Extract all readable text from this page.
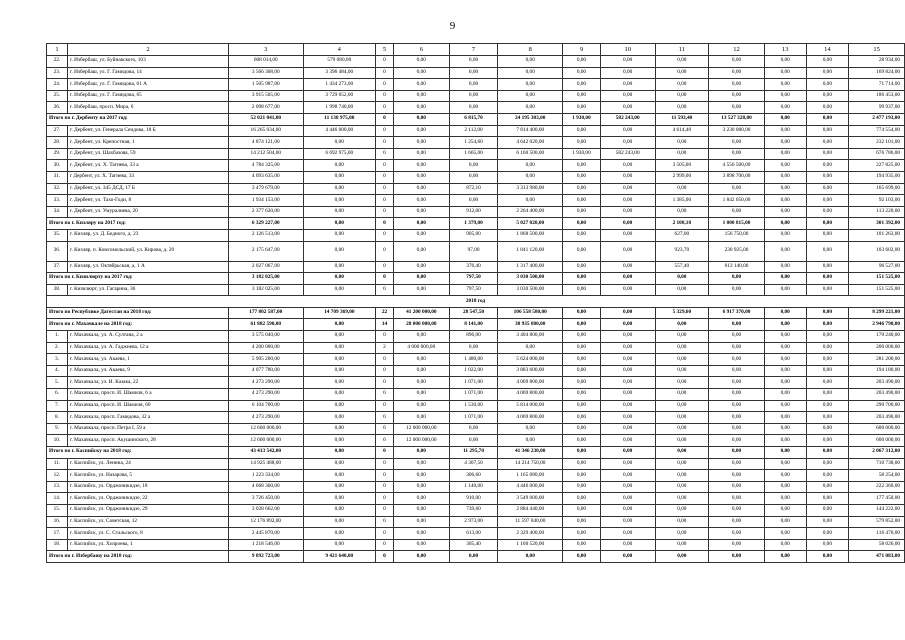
9
1	2	3	4	5	6	7	8	9	10	11	12	13	14	15
22.	г. Избербаш, ул. Буйнакского, 103	608 014,00	579 080,00	0	0,00	0,00	0,00	0,00	0,00	0,00	0,00	0,00	0,00	28 934,00
23.	г. Избербаш, ул. Г. Гамидова, 14	3 566 308,00	3 396 484,00	0	0,00	0,00	0,00	0,00	0,00	0,00	0,00	0,00	0,00	169 824,00
24.	г. Избербаш, ул. Г. Гамидова, 61 А	1 505 987,00	1 434 273,00	0	0,00	0,00	0,00	0,00	0,00	0,00	0,00	0,00	0,00	71 714,00
25.	г. Избербаш, ул. Г. Гамидова, 65	3 915 505,00	3 729 052,00	0	0,00	0,00	0,00	0,00	0,00	0,00	0,00	0,00	0,00	186 453,00
26.	г. Избербаш, просп. Мира, 6	2 098 677,00	1 998 740,00	0	0,00	0,00	0,00	0,00	0,00	0,00	0,00	0,00	0,00	99 937,00
Итого по г. Дербенту на 2017 год:		52 021 041,00	11 138 975,00	0	0,00	6 815,70	24 195 303,00	1 930,00	582 243,00	11 593,40	13 527 328,00	0,00	0,00	2 477 193,00
27.	г. Дербент, ул. Генерала Сеидова, 18 Б	16 265 034,00	4 446 000,00	0	0,00	2 112,00	7 814 400,00	0,00	0,00	4 614,40	3 230 080,00	0,00	0,00	774 554,00
28.	г. Дербент, ул. Крепостная, 1	4 874 121,00	0,00	0	0,00	1 254,60	4 642 020,00	0,00	0,00	0,00	0,00	0,00	0,00	232 101,00
29.	г. Дербент, ул. Шахбазова, 59	14 212 504,00	6 692 975,00	0	0,00	1 665,00	6 160 500,00	1 930,00	582 243,00	0,00	0,00	0,00	0,00	676 786,00
30.	г. Дербент, ул. Х. Тагиева, 33 а	4 784 325,00	0,00	0	0,00	0,00	0,00	0,00	0,00	3 505,00	4 556 500,00	0,00	0,00	227 825,00
31.	г Дербент, ул. Х. Тагиева, 33	4 093 635,00	0,00	0	0,00	0,00	0,00	0,00	0,00	2 999,00	3 898 700,00	0,00	0,00	194 935,00
32.	г. Дербент, ул. 345 ДСД, 17 Б	3 479 679,00	0,00	0	0,00	872,10	3 313 980,00	0,00	0,00	0,00	0,00	0,00	0,00	165 699,00
33.	г. Дербент, ул. Тахо-Годи, 8	1 934 153,00	0,00	0	0,00	0,00	0,00	0,00	0,00	1 385,00	1 842 050,00	0,00	0,00	92 103,00
34.	г. Дербент, ул. Умуралиева, 20	2 377 620,00	0,00	0	0,00	912,00	2 264 400,00	0,00	0,00	0,00	0,00	0,00	0,00	113 220,00
Итого по г. Кизляру на 2017 год:		6 329 227,00	0,00	0	0,00	1 379,00	5 027 020,00	0,00	0,00	2 108,10	1 000 815,00	0,00	0,00	301 392,00
35.	г. Кизляр, ул. Д. Бедного, д. 23	2 126 513,00	0,00	0	0,00	905,00	1 868 500,00	0,00	0,00	627,00	156 750,00	0,00	0,00	101 263,00
36.	г. Кизляр, п. Комсомольский, ул. Кирова, д. 20	2 175 647,00	0,00	0	0,00	97,00	1 841 120,00	0,00	0,00	923,70	230 925,00	0,00	0,00	103 602,00
37.	г. Кизляр, ул. Октябрьская, д. 1 А	2 027 067,00	0,00	0	0,00	376,40	1 317 400,00	0,00	0,00	557,40	613 140,00	0,00	0,00	96 527,00
Итого по г. Кизилюрту на 2017 год:		3 182 025,00	0,00	0	0,00	797,50	3 030 500,00	0,00	0,00	0,00	0,00	0,00	0,00	151 525,00
38.	г. Кизилюрт, ул. Гагарина, 36	3 182 025,00	0,00	0	0,00	797,50	3 030 500,00	0,00	0,00	0,00	0,00	0,00	0,00	151 525,00
2018 год														
Итого по Республике Дагестан на 2018 год:		177 802 587,00	14 709 369,00	22	41 200 000,00	28 547,50	106 558 580,00	0,00	0,00	5 329,60	6 917 370,00	0,00	0,00	8 299 221,00
Итого по г. Махачкале на 2018 год:		61 882 590,00	0,00	14	28 000 000,00	8 141,00	30 935 800,00	0,00	0,00	0,00	0,00	0,00	0,00	2 946 790,00
1.	г. Махачкала, ул. А. Султана, 2 а	3 575 040,00	0,00	0	0,00	896,00	3 404 800,00	0,00	0,00	0,00	0,00	0,00	0,00	170 240,00
2.	г. Махачкала, ул. А. Гаджиева, 12 а	4 200 000,00	0,00	2	4 000 000,00	0,00	0,00	0,00	0,00	0,00	0,00	0,00	0,00	200 000,00
3.	г. Махачкала, ул. Акаева, 1	5 905 200,00	0,00	0	0,00	1 480,00	5 624 000,00	0,00	0,00	0,00	0,00	0,00	0,00	281 200,00
4.	г. Махачкала, ул. Акаева, 9	4 077 780,00	0,00	0	0,00	1 022,00	3 883 600,00	0,00	0,00	0,00	0,00	0,00	0,00	194 180,00
5.	г. Махачкала, ул. И. Казака, 22	4 273 290,00	0,00	0	0,00	1 071,00	4 069 800,00	0,00	0,00	0,00	0,00	0,00	0,00	203 490,00
6.	г. Махачкала, просп. И. Шамиля, 6 а	4 273 290,00	0,00	0	0,00	1 071,00	4 069 800,00	0,00	0,00	0,00	0,00	0,00	0,00	203 490,00
7.	г. Махачкала, просп. И. Шамиля, 60	6 104 700,00	0,00	0	0,00	1 530,00	5 814 000,00	0,00	0,00	0,00	0,00	0,00	0,00	290 700,00
8.	г. Махачкала, просп. Гамидова, 32 а	4 273 290,00	0,00	0	0,00	1 071,00	4 069 800,00	0,00	0,00	0,00	0,00	0,00	0,00	203 490,00
9.	г. Махачкала, просп. Петра I, 59 а	12 600 000,00	0,00	6	12 000 000,00	0,00	0,00	0,00	0,00	0,00	0,00	0,00	0,00	600 000,00
10.	г. Махачкала, просп. Акушинского, 28	12 600 000,00	0,00	6	12 000 000,00	0,00	0,00	0,00	0,00	0,00	0,00	0,00	0,00	600 000,00
Итого по г. Каспийску на 2018 год:		43 413 542,00	0,00	0	0,00	11 295,70	41 346 230,00	0,00	0,00	0,00	0,00	0,00	0,00	2 067 312,00
11.	г. Каспийск, ул. Ленина, 24	14 925 488,00	0,00	0	0,00	4 307,50	14 214 750,00	0,00	0,00	0,00	0,00	0,00	0,00	710 738,00
12.	г. Каспийск, ул. Назарова, 5	1 223 334,00	0,00	0	0,00	306,60	1 165 080,00	0,00	0,00	0,00	0,00	0,00	0,00	58 254,00
13.	г. Каспийск, ул. Орджоникидзе, 18	4 668 360,00	0,00	0	0,00	1 140,00	4 446 000,00	0,00	0,00	0,00	0,00	0,00	0,00	222 360,00
14.	г. Каспийск, ул. Орджоникидзе, 22	3 726 450,00	0,00	0	0,00	910,00	3 549 000,00	0,00	0,00	0,00	0,00	0,00	0,00	177 450,00
15.	г. Каспийск, ул. Орджоникидзе, 29	3 028 662,00	0,00	0	0,00	739,60	2 884 440,00	0,00	0,00	0,00	0,00	0,00	0,00	144 222,00
16.	г. Каспийск, ул. Советская, 12	12 176 892,00	0,00	0	0,00	2 973,00	11 597 040,00	0,00	0,00	0,00	0,00	0,00	0,00	579 852,00
17.	г. Каспийск, ул. С. Стальского, 8	2 445 870,00	0,00	0	0,00	613,00	2 329 400,00	0,00	0,00	0,00	0,00	0,00	0,00	116 470,00
18.	г. Каспийск, ул. Хизроева, 1	1 218 546,00	0,00	0	0,00	305,40	1 160 520,00	0,00	0,00	0,00	0,00	0,00	0,00	58 026,00
Итого по г. Избербашу на 2018 год:		9 892 723,00	9 421 640,00	0	0,00	0,00	0,00	0,00	0,00	0,00	0,00	0,00	0,00	471 083,00
